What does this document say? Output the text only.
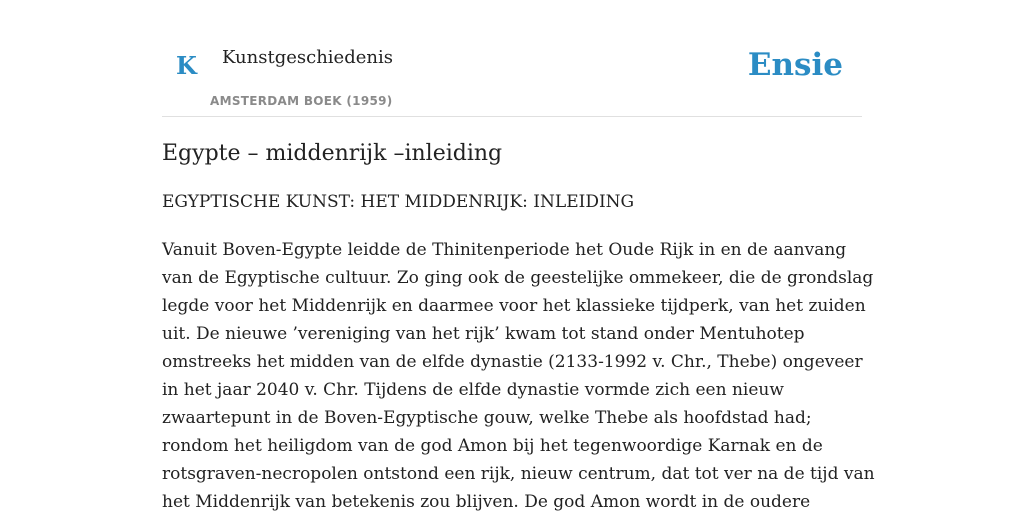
K Kunstgeschiedenis
AMSTERDAM BOEK (1959)
Ensie
Egypte – middenrijk –inleiding
EGYPTISCHE KUNST: HET MIDDENRIJK: INLEIDING

Vanuit Boven-Egypte leidde de Thinitenperiode het Oude Rijk in en de aanvang
van de Egyptische cultuur. Zo ging ook de geestelijke ommekeer, die de grondslag
legde voor het Middenrijk en daarmee voor het klassieke tijdperk, van het zuiden
uit. De nieuwe ’vereniging van het rijk’ kwam tot stand onder Mentuhotep
omstreeks het midden van de elfde dynastie (2133-1992 v. Chr., Thebe) ongeveer
in het jaar 2040 v. Chr. Tijdens de elfde dynastie vormde zich een nieuw
zwaartepunt in de Boven-Egyptische gouw, welke Thebe als hoofdstad had;
rondom het heiligdom van de god Amon bij het tegenwoordige Karnak en de
rotsgraven-necropolen ontstond een rijk, nieuw centrum, dat tot ver na de tijd van
het Middenrijk van betekenis zou blijven. De god Amon wordt in de oudere
